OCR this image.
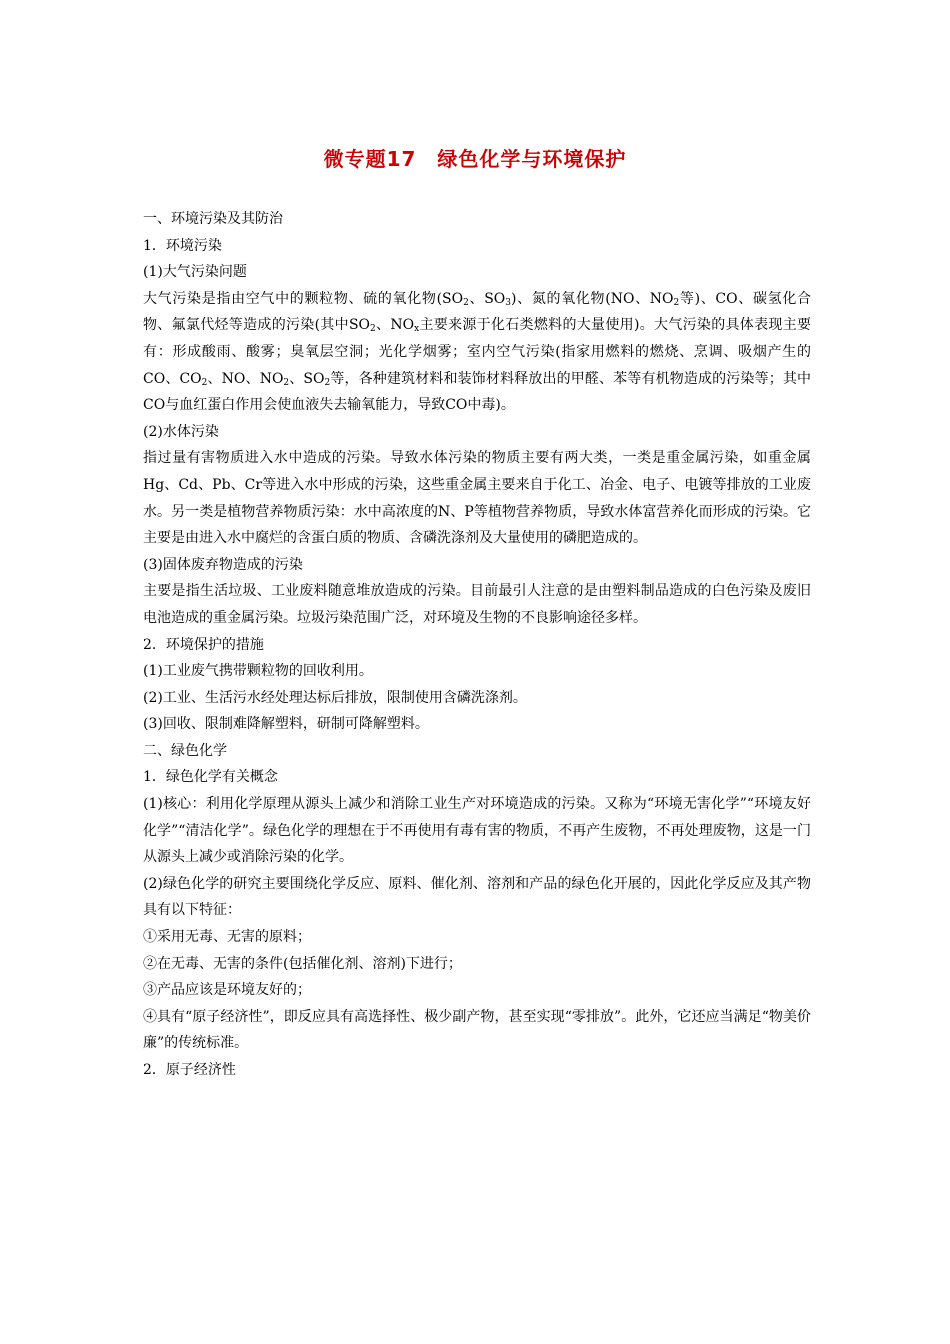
微专题17　绿色化学与环境保护

一、环境污染及其防治

1．环境污染

(1)大气污染问题

大气污染是指由空气中的颗粒物、硫的氧化物($SO_2$、$SO_3$)、氮的氧化物(NO、$NO_2$等)、CO、碳氢化合物、氟氯代烃等造成的污染(其中$SO_2$、$NO_x$主要来源于化石类燃料的大量使用)。大气污染的具体表现主要有：形成酸雨、酸雾；臭氧层空洞；光化学烟雾；室内空气污染(指家用燃料的燃烧、烹调、吸烟产生的CO、$CO_2$、NO、$NO_2$、$SO_2$等，各种建筑材料和装饰材料释放出的甲醛、苯等有机物造成的污染等；其中CO与血红蛋白作用会使血液失去输氧能力，导致CO中毒)。

(2)水体污染

指过量有害物质进入水中造成的污染。导致水体污染的物质主要有两大类，一类是重金属污染，如重金属Hg、Cd、Pb、Cr等进入水中形成的污染，这些重金属主要来自于化工、冶金、电子、电镀等排放的工业废水。另一类是植物营养物质污染：水中高浓度的N、P等植物营养物质，导致水体富营养化而形成的污染。它主要是由进入水中腐烂的含蛋白质的物质、含磷洗涤剂及大量使用的磷肥造成的。

(3)固体废弃物造成的污染

主要是指生活垃圾、工业废料随意堆放造成的污染。目前最引人注意的是由塑料制品造成的白色污染及废旧电池造成的重金属污染。垃圾污染范围广泛，对环境及生物的不良影响途径多样。

2．环境保护的措施

(1)工业废气携带颗粒物的回收利用。

(2)工业、生活污水经处理达标后排放，限制使用含磷洗涤剂。

(3)回收、限制难降解塑料，研制可降解塑料。

二、绿色化学

1．绿色化学有关概念

(1)核心：利用化学原理从源头上减少和消除工业生产对环境造成的污染。又称为“环境无害化学”“环境友好化学”“清洁化学”。绿色化学的理想在于不再使用有毒有害的物质，不再产生废物，不再处理废物，这是一门从源头上减少或消除污染的化学。

(2)绿色化学的研究主要围绕化学反应、原料、催化剂、溶剂和产品的绿色化开展的，因此化学反应及其产物具有以下特征：

①采用无毒、无害的原料；

②在无毒、无害的条件(包括催化剂、溶剂)下进行；

③产品应该是环境友好的；

④具有“原子经济性”，即反应具有高选择性、极少副产物，甚至实现“零排放”。此外，它还应当满足“物美价廉”的传统标准。

2．原子经济性
